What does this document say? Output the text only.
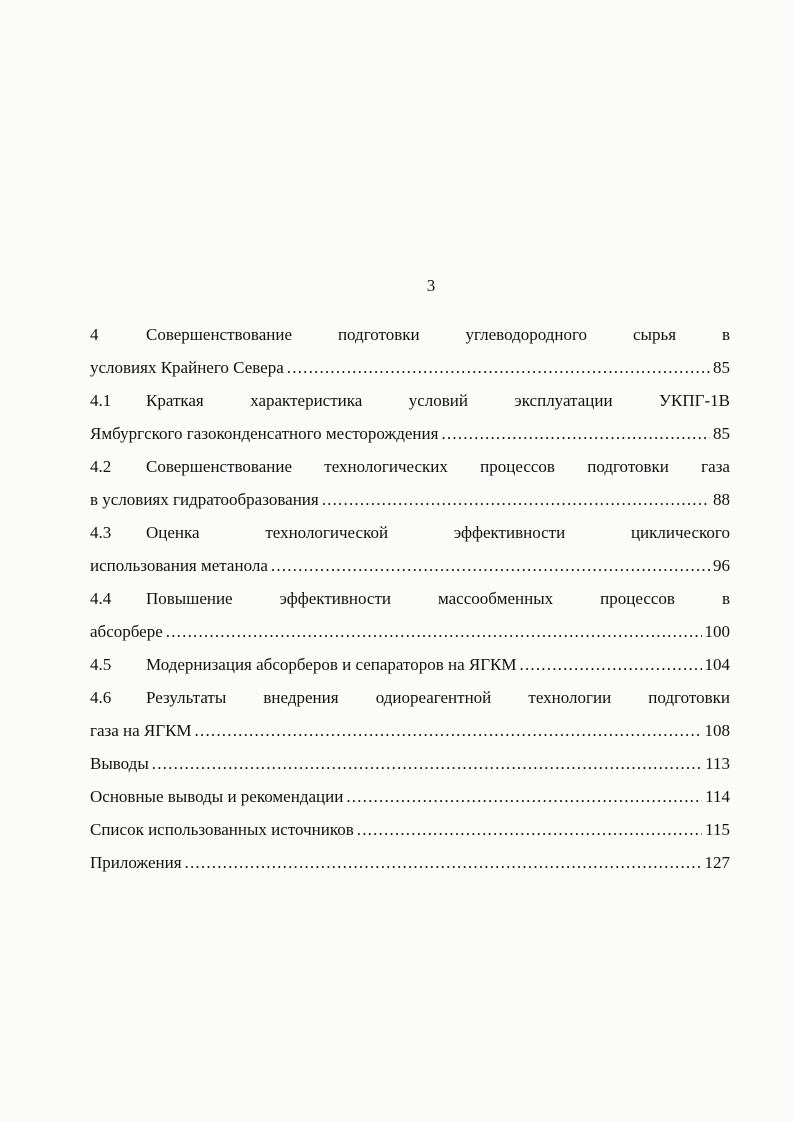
3
4	Совершенствование	подготовки	углеводородного	сырья	в
условиях Крайнего Севера .....	85
4.1 Краткая	характеристика	условий	эксплуатации	УКПГ-1В
Ямбургского газоконденсатного месторождения .....	85
4.2 Совершенствование технологических процессов подготовки газа
в условиях гидратообразования .....	88
4.3 Оценка	технологической	эффективности	циклического
использования метанола .....	96
4.4 Повышение	эффективности	массообменных	процессов	в
абсорбере .....	100
4.5	Модернизация абсорберов и сепараторов на ЯГКМ .....	104
4.6 Результаты внедрения одиореагентной технологии подготовки
газа на ЯГКМ .....	108
Выводы .....	113
Основные выводы и рекомендации .....	114
Список использованных источников .....	115
Приложения .....	127
